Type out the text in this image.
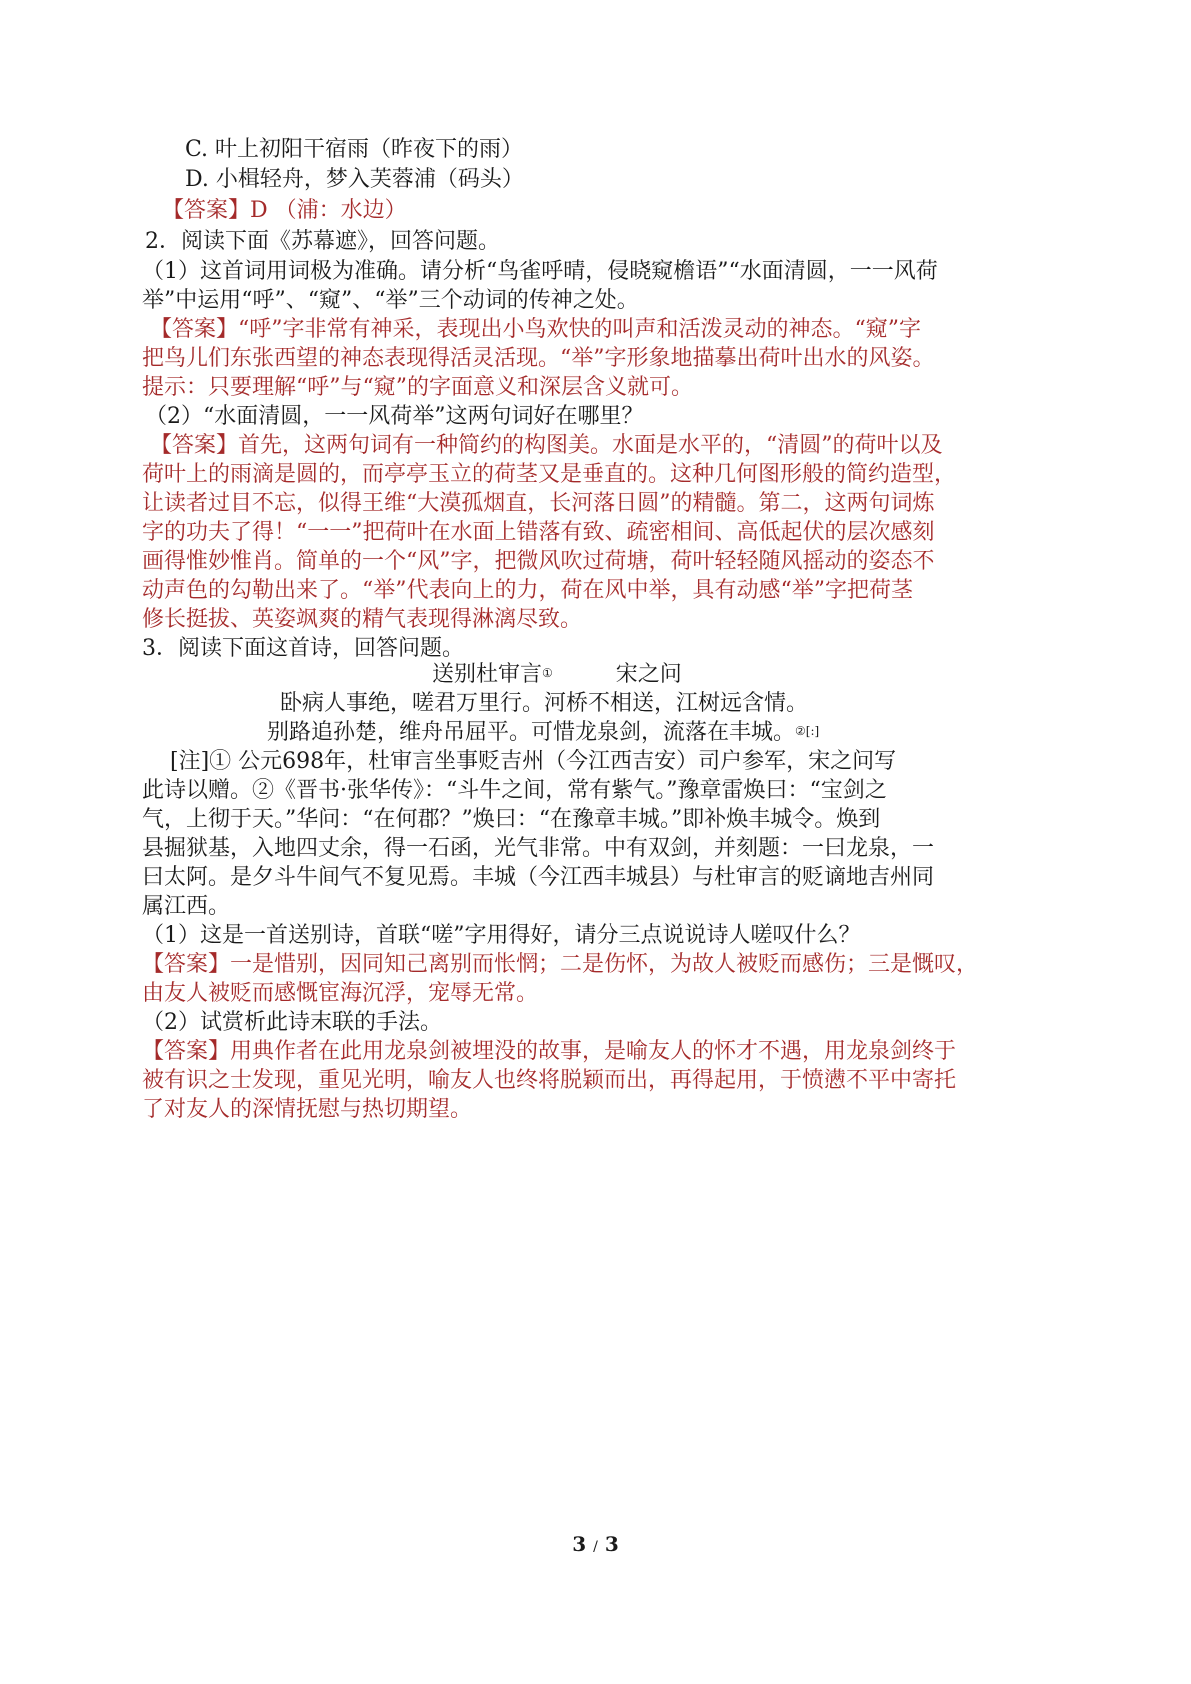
C. 叶上初阳干宿雨（昨夜下的雨）
D. 小楫轻舟，梦入芙蓉浦（码头）
【答案】D （浦：水边）
2．阅读下面《苏幕遮》，回答问题。
（1）这首词用词极为准确。请分析“鸟雀呼晴，侵晓窥檐语”“水面清圆，一一风荷
举”中运用“呼”、“窥”、“举”三个动词的传神之处。
【答案】“呼”字非常有神采，表现出小鸟欢快的叫声和活泼灵动的神态。“窥”字
把鸟儿们东张西望的神态表现得活灵活现。“举”字形象地描摹出荷叶出水的风姿。
提示：只要理解“呼”与“窥”的字面意义和深层含义就可。
（2）“水面清圆，一一风荷举”这两句词好在哪里？
【答案】首先，这两句词有一种简约的构图美。水面是水平的，“清圆”的荷叶以及
荷叶上的雨滴是圆的，而亭亭玉立的荷茎又是垂直的。这种几何图形般的简约造型，
让读者过目不忘，似得王维“大漠孤烟直，长河落日圆”的精髓。第二，这两句词炼
字的功夫了得！“一一”把荷叶在水面上错落有致、疏密相间、高低起伏的层次感刻
画得惟妙惟肖。简单的一个“风”字，把微风吹过荷塘，荷叶轻轻随风摇动的姿态不
动声色的勾勒出来了。“举”代表向上的力，荷在风中举，具有动感“举”字把荷茎
修长挺拔、英姿飒爽的精气表现得淋漓尽致。
3．阅读下面这首诗，回答问题。
送别杜审言①	宋之问
卧病人事绝，嗟君万里行。河桥不相送，江树远含情。
别路追孙楚，维舟吊屈平。可惜龙泉剑，流落在丰城。②[:]
[注]① 公元698年，杜审言坐事贬吉州（今江西吉安）司户参军，宋之问写
此诗以赠。②《晋书·张华传》：“斗牛之间，常有紫气。”豫章雷焕曰：“宝剑之
气，上彻于天。”华问：“在何郡？”焕曰：“在豫章丰城。”即补焕丰城令。焕到
县掘狱基，入地四丈余，得一石函，光气非常。中有双剑，并刻题：一曰龙泉，一
曰太阿。是夕斗牛间气不复见焉。丰城（今江西丰城县）与杜审言的贬谪地吉州同
属江西。
（1）这是一首送别诗，首联“嗟”字用得好，请分三点说说诗人嗟叹什么？
【答案】一是惜别，因同知己离别而怅惘；二是伤怀，为故人被贬而感伤；三是慨叹，
由友人被贬而感慨宦海沉浮，宠辱无常。
（2）试赏析此诗末联的手法。
【答案】用典作者在此用龙泉剑被埋没的故事，是喻友人的怀才不遇，用龙泉剑终于
被有识之士发现，重见光明，喻友人也终将脱颖而出，再得起用，于愤懑不平中寄托
了对友人的深情抚慰与热切期望。
3 / 3
